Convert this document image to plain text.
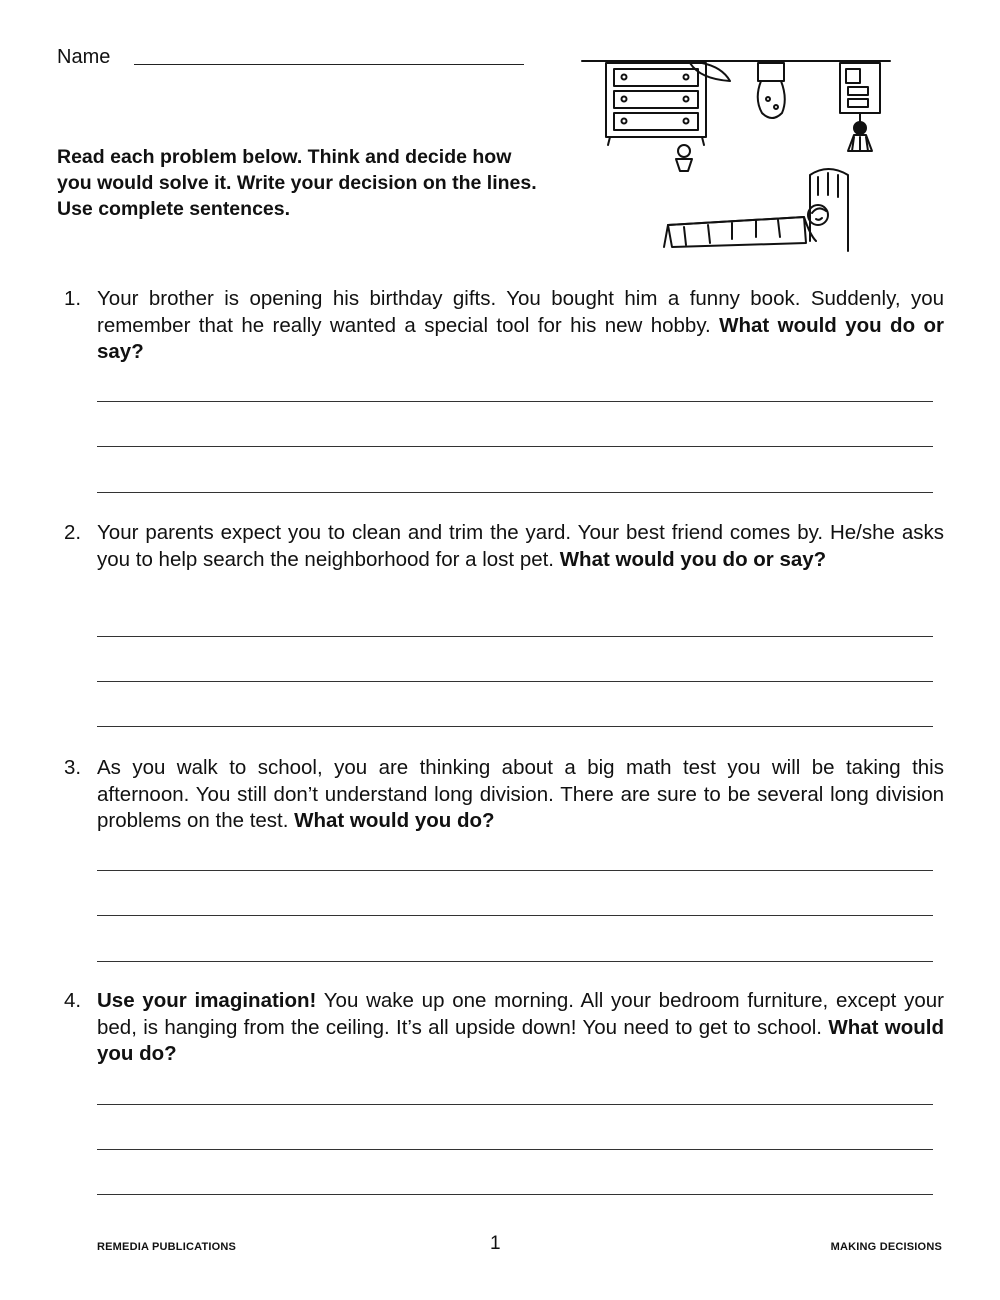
Name
Read each problem below. Think and decide how you would solve it. Write your decision on the lines. Use complete sentences.
1. Your brother is opening his birthday gifts. You bought him a funny book. Suddenly, you remember that he really wanted a special tool for his new hobby. What would you do or say?
2. Your parents expect you to clean and trim the yard. Your best friend comes by. He/she asks you to help search the neighborhood for a lost pet. What would you do or say?
3. As you walk to school, you are thinking about a big math test you will be taking this afternoon. You still don’t understand long division. There are sure to be several long division problems on the test. What would you do?
4. Use your imagination! You wake up one morning. All your bedroom furniture, except your bed, is hanging from the ceiling. It’s all upside down! You need to get to school. What would you do?
REMEDIA PUBLICATIONS	1	MAKING DECISIONS
